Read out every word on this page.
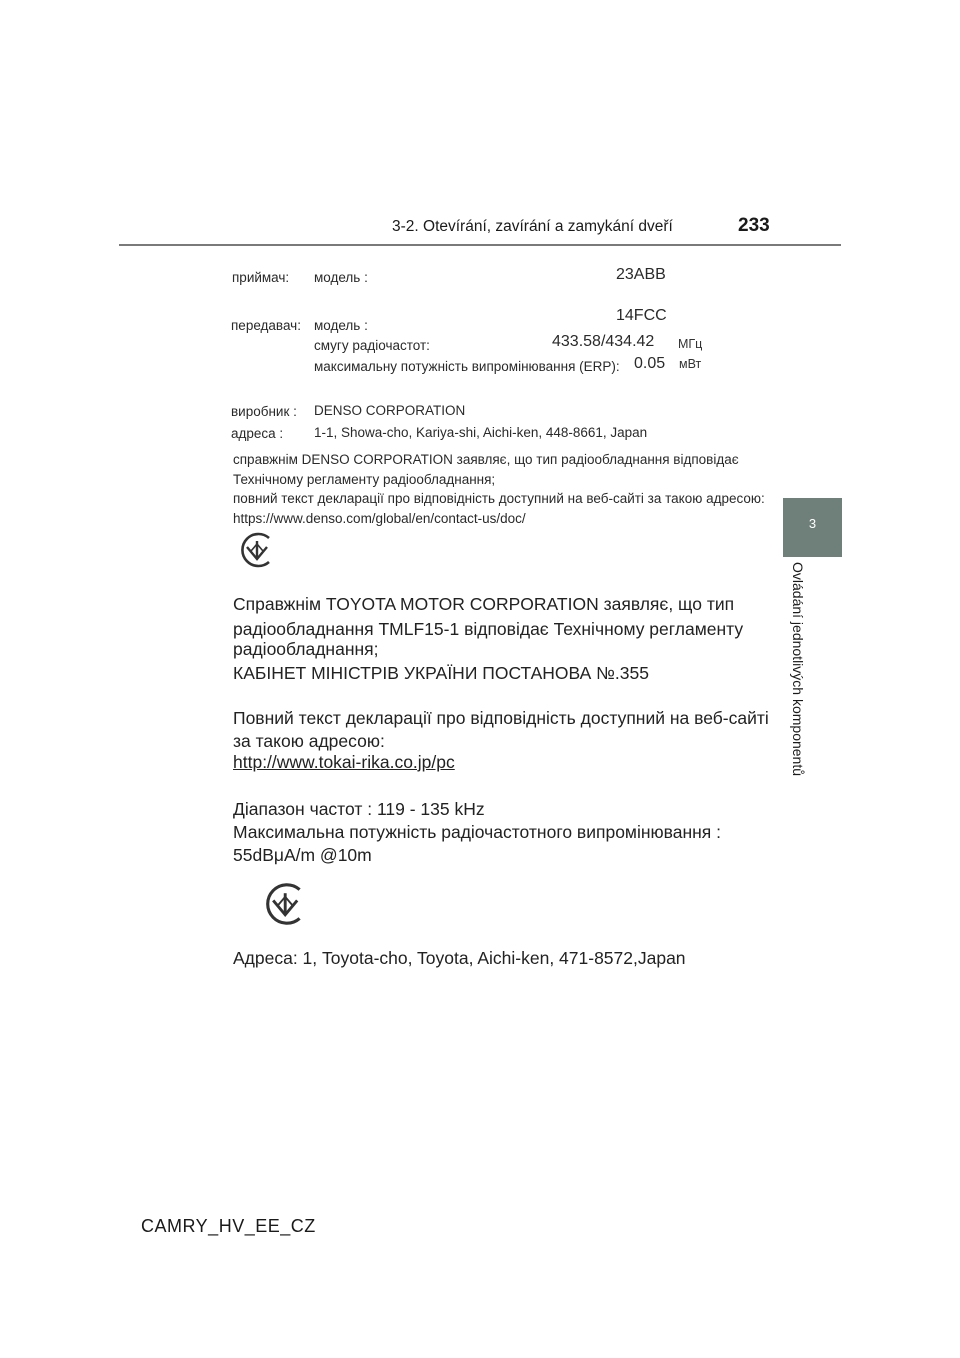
3-2. Otevírání, zavírání a zamykání dveří	233
3
Ovládání jednotlivých komponentů
приймач: модель :	23ABB
передавач: модель :
14FCC
смугу радіочастот:	433.58/434.42 МГц
максимальну потужність випромінювання (ERP): 0.05 мВт
виробник : DENSO CORPORATION
адреса : 1-1, Showa-cho, Kariya-shi, Aichi-ken, 448-8661, Japan
справжнім DENSO CORPORATION заявляє, що тип радіообладнання відповідає
Технічному регламенту радіообладнання;
повний текст декларації про відповідність доступний на веб-сайті за такою адресою:
https://www.denso.com/global/en/contact-us/doc/
Справжнім TOYOTA MOTOR CORPORATION заявляє, що тип
радіообладнання TMLF15-1 відповідає Технічному регламенту
радіообладнання;
КАБІНЕТ МІНІСТРІВ УКРАЇНИ ПОСТАНОВА №.355
Повний текст декларації про відповідність доступний на веб-сайті
за такою адресою:
http://www.tokai-rika.co.jp/pc
Діапазон частот : 119 - 135 kHz
Максимальна потужність радіочастотного випромінювання :
55dBμA/m @10m
Адреса: 1, Toyota-cho, Toyota, Aichi-ken, 471-8572,Japan
CAMRY_HV_EE_CZ
